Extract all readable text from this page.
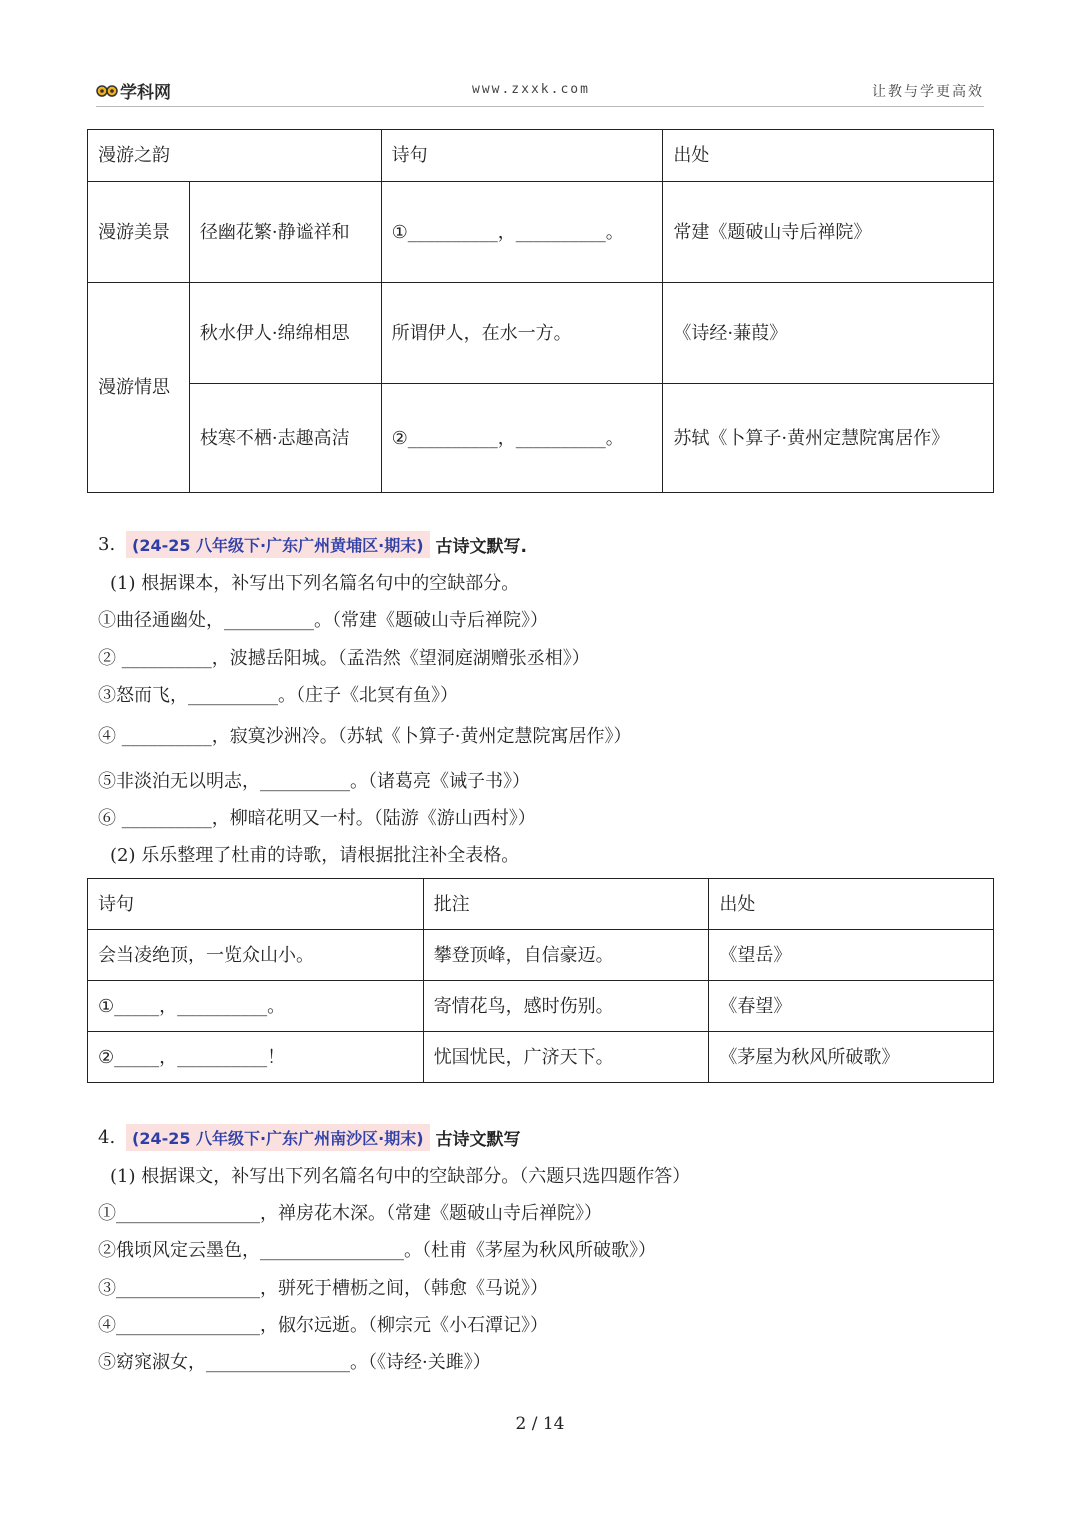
学科网	www.zxxk.com	让教与学更高效
漫游之韵		诗句	出处
漫游美景	径幽花繁·静谧祥和	①__________，__________。	常建《题破山寺后禅院》
漫游情思	秋水伊人·绵绵相思	所谓伊人，在水一方。	《诗经·蒹葭》
	枝寒不栖·志趣高洁	②__________，__________。	苏轼《卜算子·黄州定慧院寓居作》
3.	(24-25 八年级下·广东广州黄埔区·期末) 古诗文默写.
(1) 根据课本，补写出下列名篇名句中的空缺部分。
①曲径通幽处，__________。（常建《题破山寺后禅院》）
② __________，波撼岳阳城。（孟浩然《望洞庭湖赠张丞相》）
③怒而飞，__________。（庄子《北冥有鱼》）
④ __________，寂寞沙洲冷。（苏轼《卜算子·黄州定慧院寓居作》）
⑤非淡泊无以明志，__________。（诸葛亮《诫子书》）
⑥ __________，柳暗花明又一村。（陆游《游山西村》）
(2) 乐乐整理了杜甫的诗歌，请根据批注补全表格。
诗句	批注	出处
会当凌绝顶，一览众山小。	攀登顶峰，自信豪迈。	《望岳》
①_____，__________。	寄情花鸟，感时伤别。	《春望》
②_____，__________！	忧国忧民，广济天下。	《茅屋为秋风所破歌》
4.	(24-25 八年级下·广东广州南沙区·期末) 古诗文默写
(1) 根据课文，补写出下列名篇名句中的空缺部分。（六题只选四题作答）
①________________，禅房花木深。（常建《题破山寺后禅院》）
②俄顷风定云墨色，________________。（杜甫《茅屋为秋风所破歌》）
③________________，骈死于槽枥之间，（韩愈《马说》）
④________________，俶尔远逝。（柳宗元《小石潭记》）
⑤窈窕淑女，________________。（《诗经·关雎》）
2 / 14
